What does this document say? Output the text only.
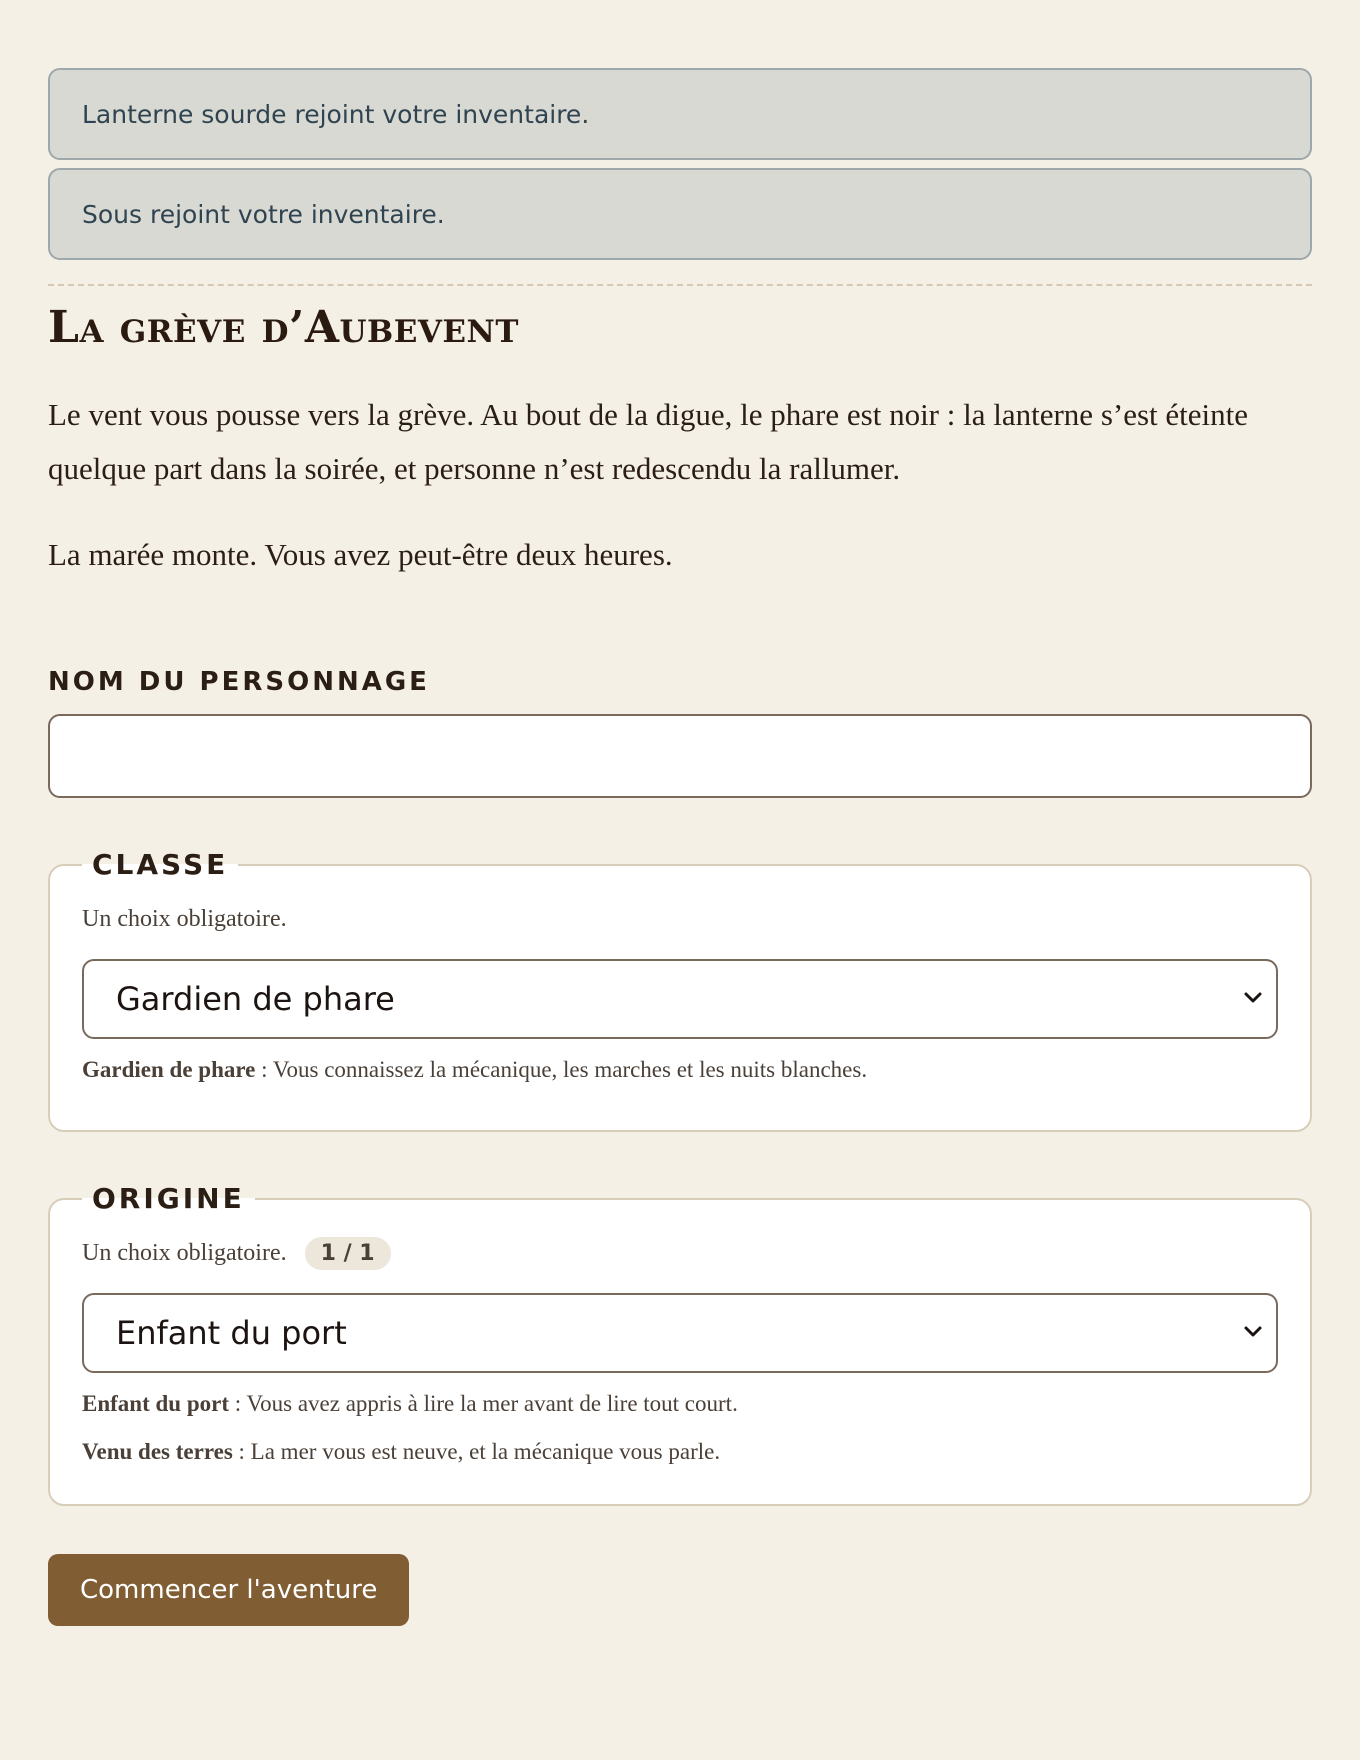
Lanterne sourde rejoint votre inventaire.
Sous rejoint votre inventaire.
La grève d’Aubevent

Le vent vous pousse vers la grève. Au bout de la digue, le phare est noir : la lanterne s’est éteinte quelque part dans la soirée, et personne n’est redescendu la rallumer.

La marée monte. Vous avez peut-être deux heures.

NOM DU PERSONNAGE
CLASSE
Un choix obligatoire.
Gardien de phare
Gardien de phare : Vous connaissez la mécanique, les marches et les nuits blanches.
ORIGINE
Un choix obligatoire.	1 / 1
Enfant du port
Enfant du port : Vous avez appris à lire la mer avant de lire tout court.
Venu des terres : La mer vous est neuve, et la mécanique vous parle.
Commencer l'aventure
